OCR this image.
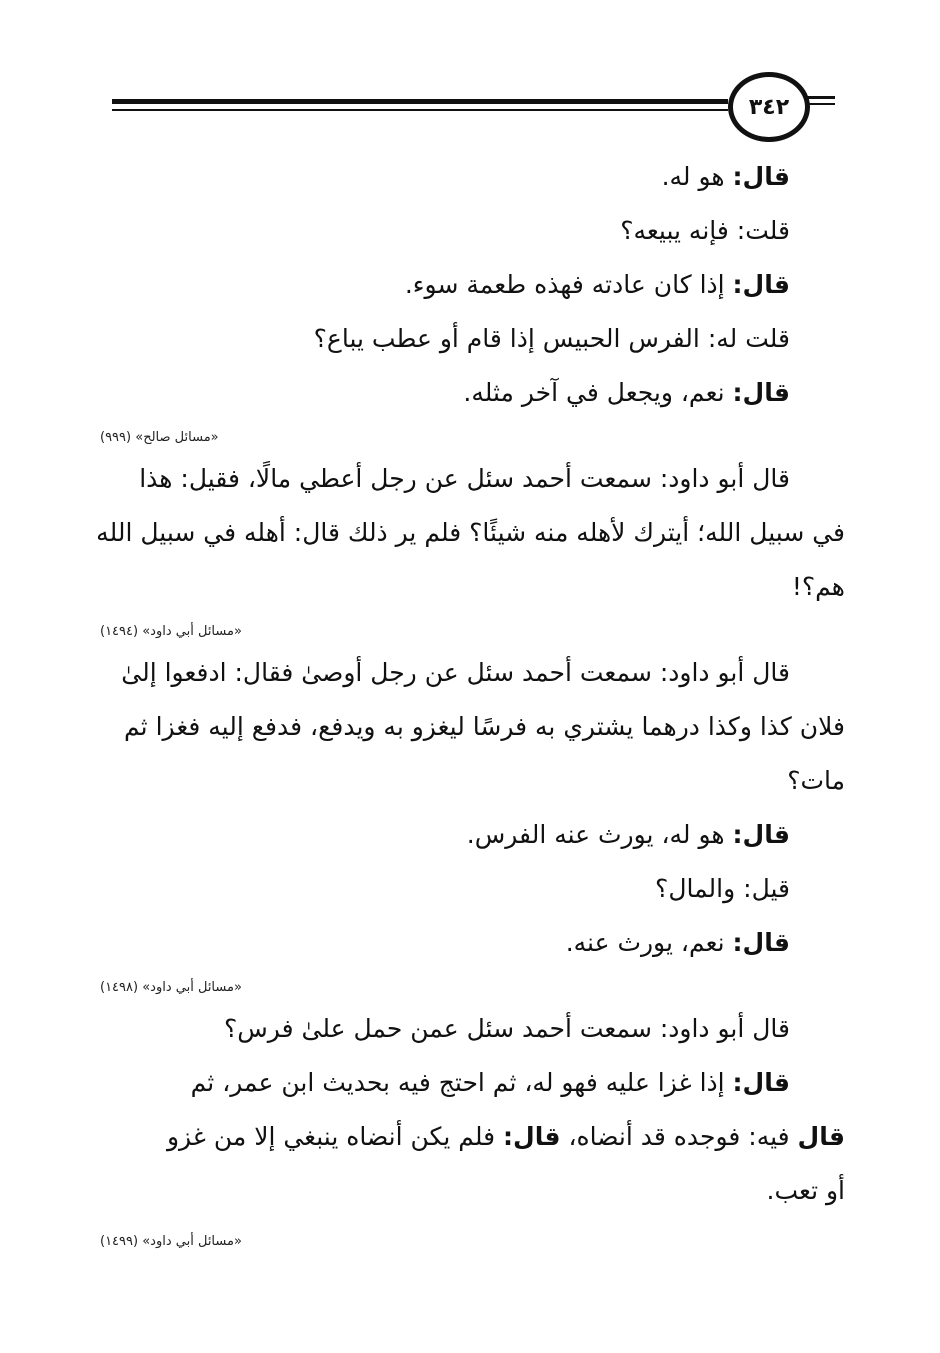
٣٤٢
قال: هو له.
قلت: فإنه يبيعه؟
قال: إذا كان عادته فهذه طعمة سوء.
قلت له: الفرس الحبيس إذا قام أو عطب يباع؟
قال: نعم، ويجعل في آخر مثله.
«مسائل صالح» (٩٩٩)
قال أبو داود: سمعت أحمد سئل عن رجل أعطي مالًا، فقيل: هذا
في سبيل الله؛ أيترك لأهله منه شيئًا؟ فلم ير ذلك قال: أهله في سبيل الله
هم؟!
«مسائل أبي داود» (١٤٩٤)
قال أبو داود: سمعت أحمد سئل عن رجل أوصىٰ فقال: ادفعوا إلىٰ
فلان كذا وكذا درهما يشتري به فرسًا ليغزو به ويدفع، فدفع إليه فغزا ثم
مات؟
قال: هو له، يورث عنه الفرس.
قيل: والمال؟
قال: نعم، يورث عنه.
«مسائل أبي داود» (١٤٩٨)
قال أبو داود: سمعت أحمد سئل عمن حمل علىٰ فرس؟
قال: إذا غزا عليه فهو له، ثم احتج فيه بحديث ابن عمر، ثم
قال فيه: فوجده قد أنضاه، قال: فلم يكن أنضاه ينبغي إلا من غزو
أو تعب.
«مسائل أبي داود» (١٤٩٩)
